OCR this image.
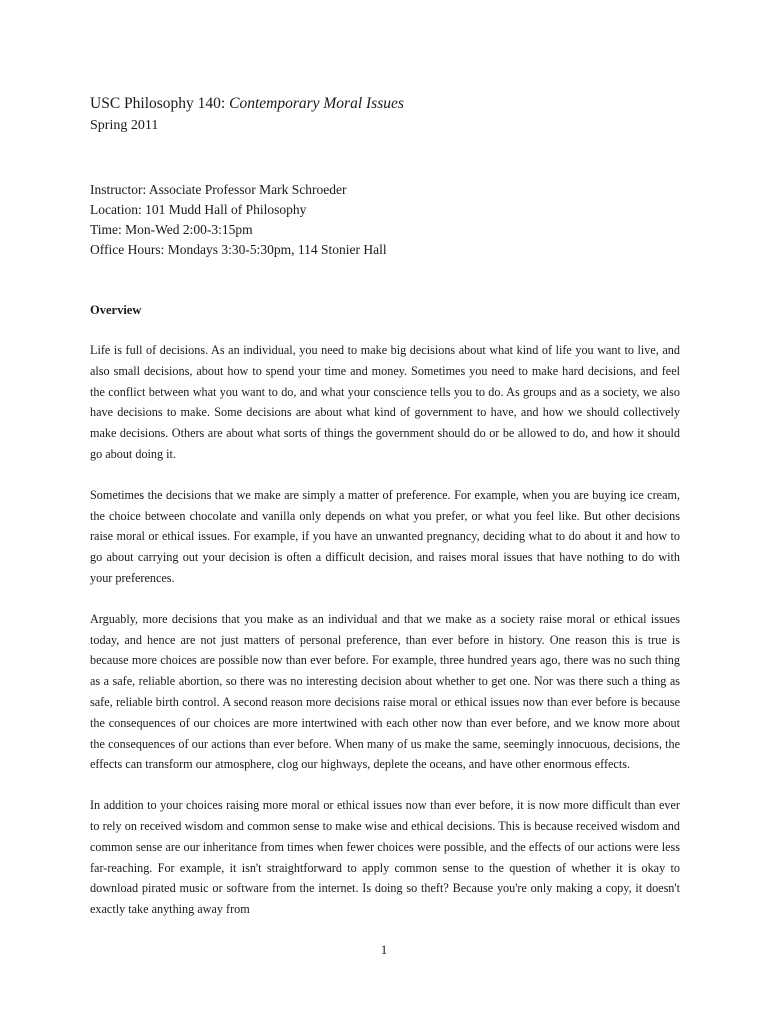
USC Philosophy 140: Contemporary Moral Issues

Spring 2011

Instructor: Associate Professor Mark Schroeder

Location: 101 Mudd Hall of Philosophy

Time: Mon-Wed 2:00-3:15pm

Office Hours: Mondays 3:30-5:30pm, 114 Stonier Hall

Overview

Life is full of decisions. As an individual, you need to make big decisions about what kind of life you want to live, and also small decisions, about how to spend your time and money. Sometimes you need to make hard decisions, and feel the conflict between what you want to do, and what your conscience tells you to do. As groups and as a society, we also have decisions to make. Some decisions are about what kind of government to have, and how we should collectively make decisions. Others are about what sorts of things the government should do or be allowed to do, and how it should go about doing it.

Sometimes the decisions that we make are simply a matter of preference. For example, when you are buying ice cream, the choice between chocolate and vanilla only depends on what you prefer, or what you feel like. But other decisions raise moral or ethical issues. For example, if you have an unwanted pregnancy, deciding what to do about it and how to go about carrying out your decision is often a difficult decision, and raises moral issues that have nothing to do with your preferences.

Arguably, more decisions that you make as an individual and that we make as a society raise moral or ethical issues today, and hence are not just matters of personal preference, than ever before in history. One reason this is true is because more choices are possible now than ever before. For example, three hundred years ago, there was no such thing as a safe, reliable abortion, so there was no interesting decision about whether to get one. Nor was there such a thing as safe, reliable birth control. A second reason more decisions raise moral or ethical issues now than ever before is because the consequences of our choices are more intertwined with each other now than ever before, and we know more about the consequences of our actions than ever before. When many of us make the same, seemingly innocuous, decisions, the effects can transform our atmosphere, clog our highways, deplete the oceans, and have other enormous effects.

In addition to your choices raising more moral or ethical issues now than ever before, it is now more difficult than ever to rely on received wisdom and common sense to make wise and ethical decisions. This is because received wisdom and common sense are our inheritance from times when fewer choices were possible, and the effects of our actions were less far-reaching. For example, it isn't straightforward to apply common sense to the question of whether it is okay to download pirated music or software from the internet. Is doing so theft? Because you're only making a copy, it doesn't exactly take anything away from

1
